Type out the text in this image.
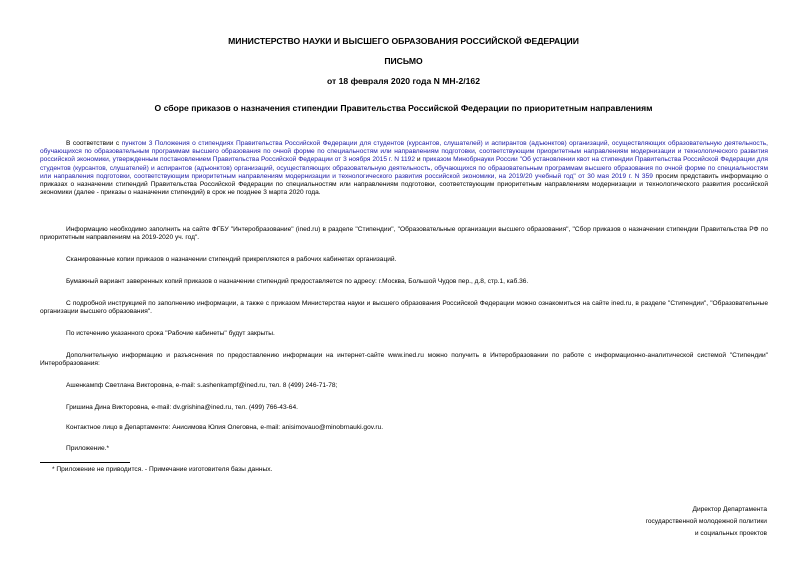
МИНИСТЕРСТВО НАУКИ И ВЫСШЕГО ОБРАЗОВАНИЯ РОССИЙСКОЙ ФЕДЕРАЦИИ
ПИСЬМО
от 18 февраля 2020 года N МН-2/162
О сборе приказов о назначения стипендии Правительства Российской Федерации по приоритетным направлениям

В соответствии с пунктом 3 Положения о стипендиях Правительства Российской Федерации для студентов (курсантов, слушателей) и аспирантов (адъюнктов) организаций, осуществляющих образовательную деятельность, обучающихся по образовательным программам высшего образования по очной форме по специальностям или направлениям подготовки, соответствующим приоритетным направлениям модернизации и технологического развития российской экономики, утвержденным постановлением Правительства Российской Федерации от 3 ноября 2015 г. N 1192 и приказом Минобрнауки России "Об установлении квот на стипендии Правительства Российской Федерации для студентов (курсантов, слушателей) и аспирантов (адъюнктов) организаций, осуществляющих образовательную деятельность, обучающихся по образовательным программам высшего образования по очной форме по специальностям или направления подготовки, соответствующим приоритетным направлениям модернизации и технологического развития российской экономики, на 2019/20 учебный год" от 30 мая 2019 г. N 359 просим представить информацию о приказах о назначении стипендий Правительства Российской Федерации по специальностям или направлениям подготовки, соответствующим приоритетным направлениям модернизации и технологического развития российской экономики (далее - приказы о назначении стипендий) в срок не позднее 3 марта 2020 года.

Информацию необходимо заполнить на сайте ФГБУ "Интеробразование" (ined.ru) в разделе "Стипендии", "Образовательные организации высшего образования", "Сбор приказов о назначении стипендии Правительства РФ по приоритетным направлениям на 2019-2020 уч. год".

Сканированные копии приказов о назначении стипендий прикрепляются в рабочих кабинетах организаций.

Бумажный вариант заверенных копий приказов о назначении стипендий предоставляется по адресу: г.Москва, Большой Чудов пер., д.8, стр.1, каб.36.

С подробной инструкцией по заполнению информации, а также с приказом Министерства науки и высшего образования Российской Федерации можно ознакомиться на сайте ined.ru, в разделе "Стипендии", "Образовательные организации высшего образования".

По истечению указанного срока "Рабочие кабинеты" будут закрыты.

Дополнительную информацию и разъяснения по предоставлению информации на интернет-сайте www.ined.ru можно получить в Интеробразовании по работе с информационно-аналитической системой "Стипендии" Интеробразования:

Ашенкампф Светлана Викторовна, e-mail: s.ashenkampf@ined.ru, тел. 8 (499) 246-71-78;
Гришина Дина Викторовна, e-mail: dv.grishina@ined.ru, тел. (499) 766-43-64.
Контактное лицо в Департаменте: Анисимова Юлия Олеговна, e-mail: anisimovauo@minobrnauki.gov.ru.
Приложение.*
* Приложение не приводится. - Примечание изготовителя базы данных.
Директор Департамента
государственной молодежной политики
и социальных проектов
